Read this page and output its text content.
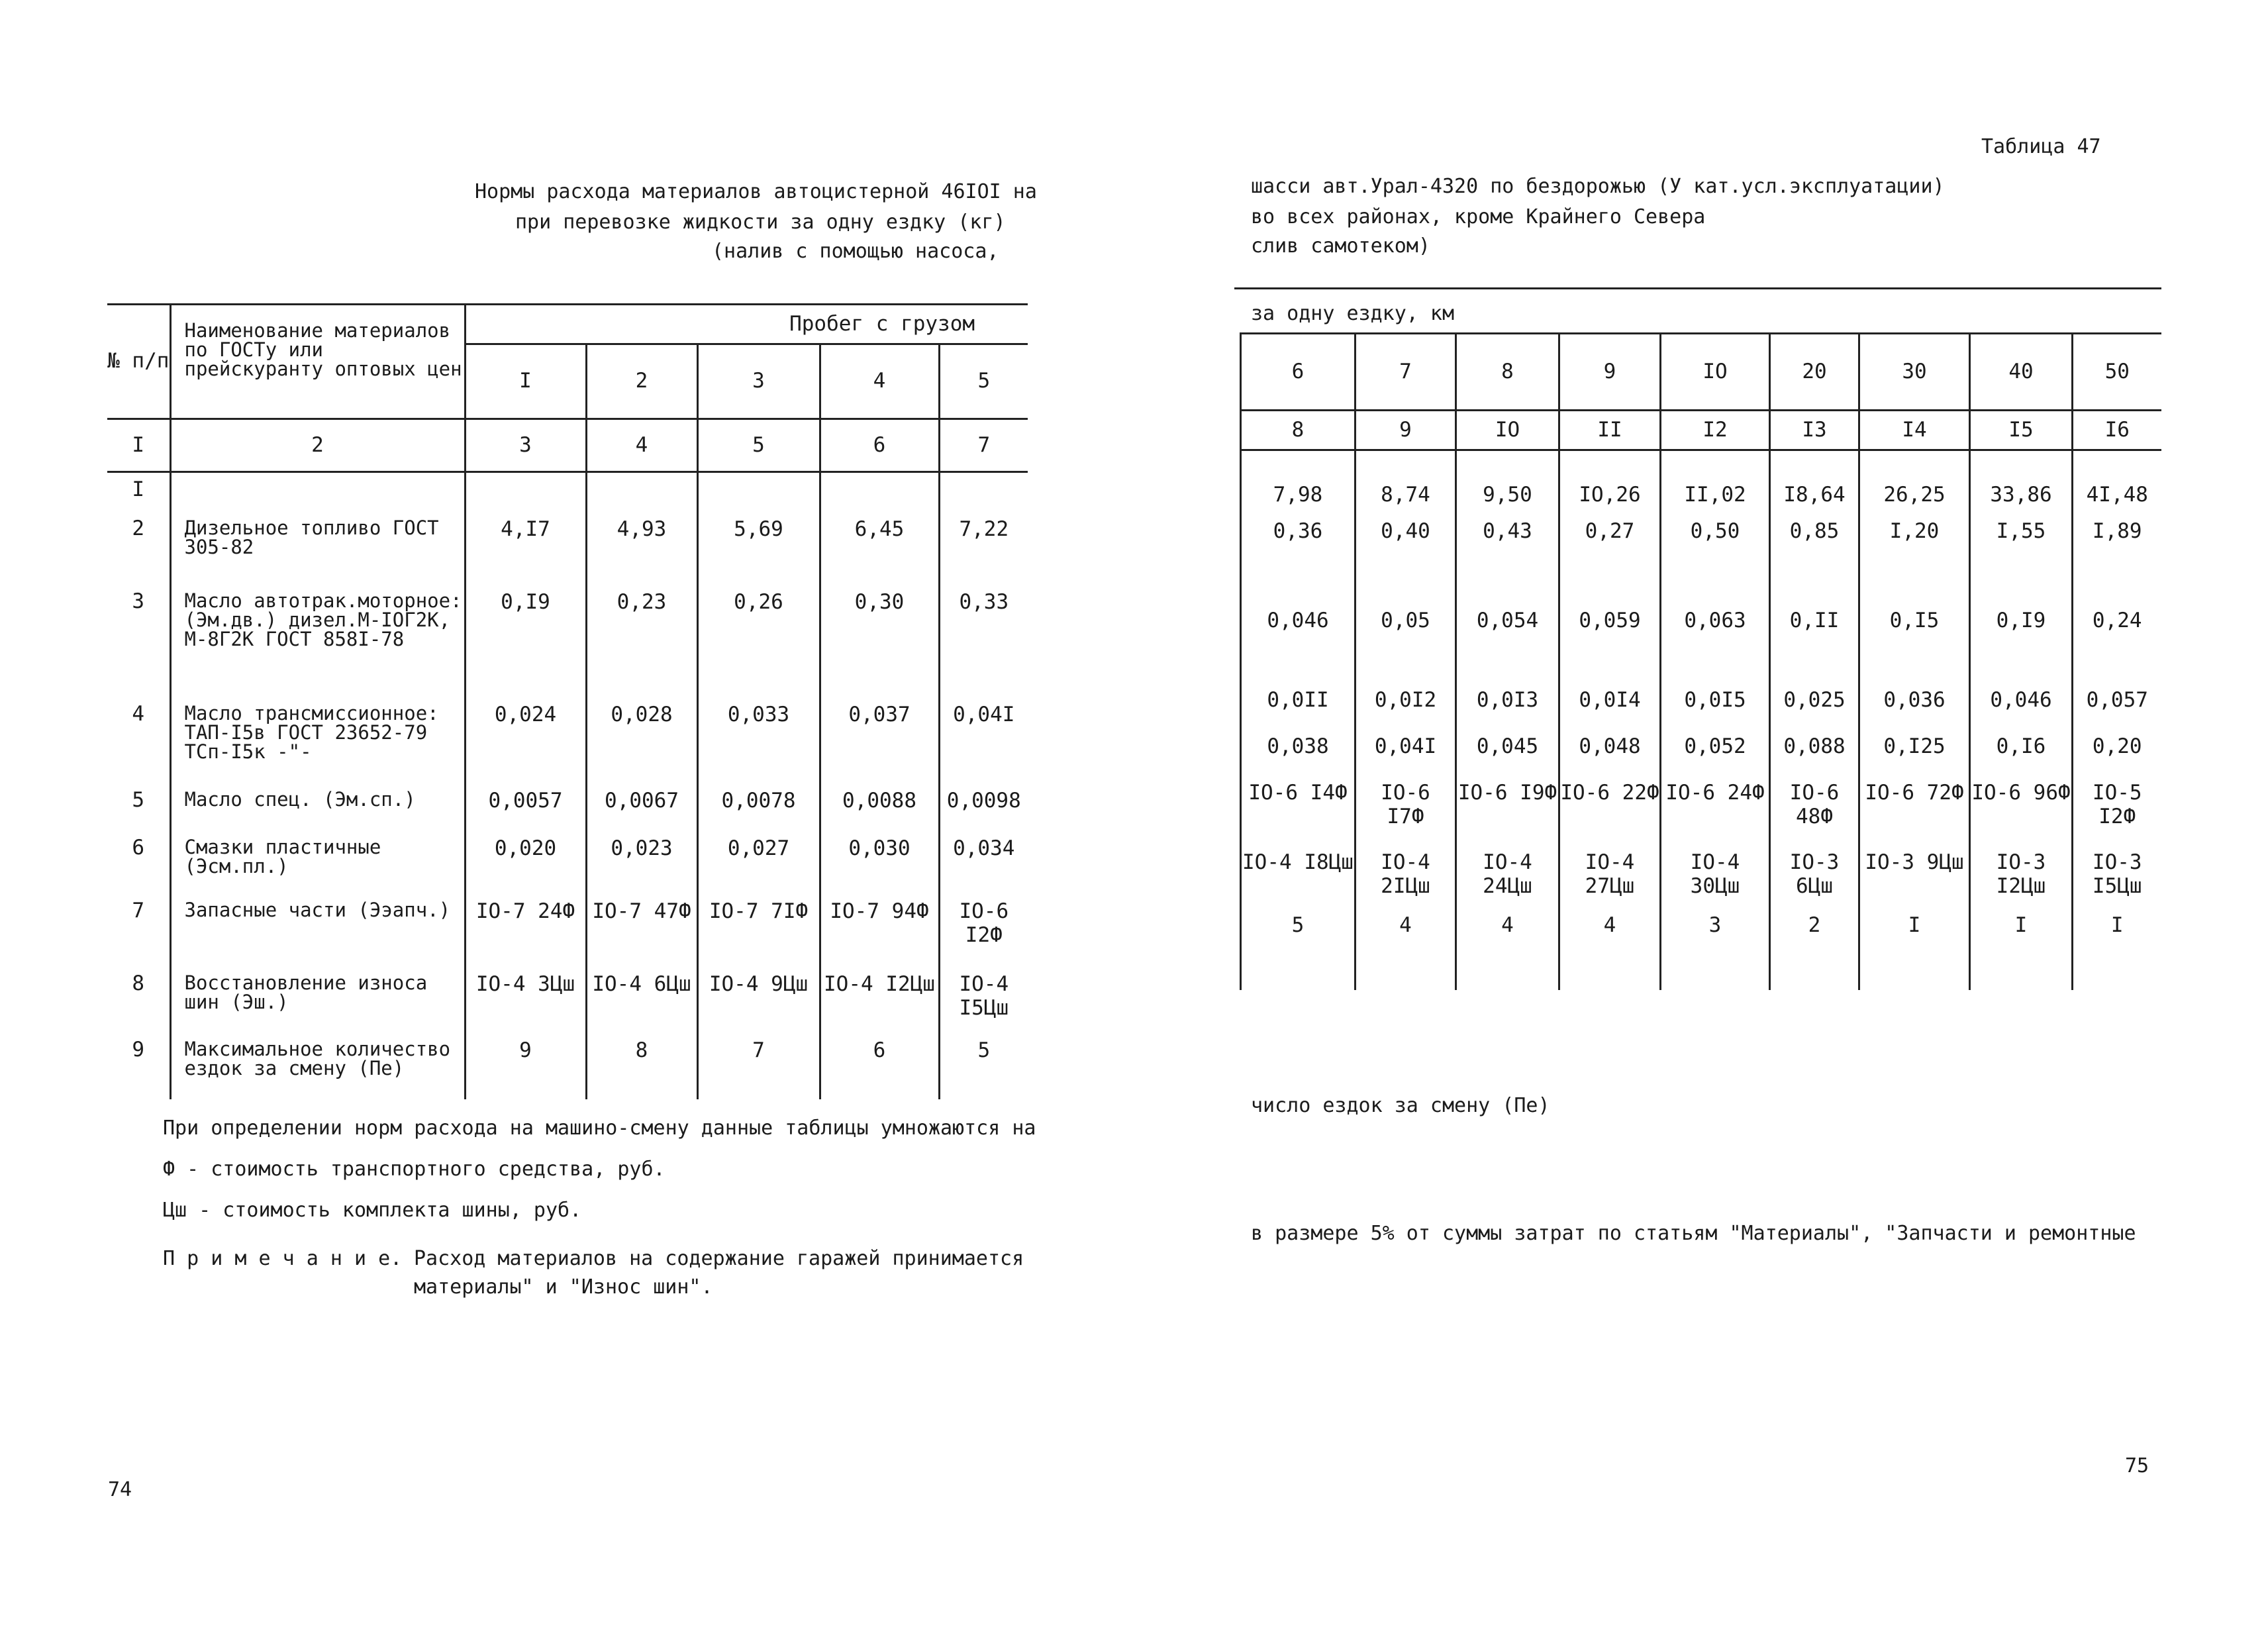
Нормы расхода материалов автоцистерной 46IOI на
при перевозке жидкости за одну ездку (кг)
(налив с помощью насоса,
№ п/п	Наименование материалов по ГОСТу или прейскуранту оптовых цен	Пробег с грузом				
		I	2	3	4	5
I	2	3	4	5	6	7
I						
2	Дизельное топливо ГОСТ 305-82	4,I7	4,93	5,69	6,45	7,22
3	Масло автотрак.моторное: (Эм.дв.) дизел.М-IОГ2К, М-8Г2К ГОСТ 858I-78	0,I9	0,23	0,26	0,30	0,33
4	Масло трансмиссионное: ТАП-I5в ГОСТ 23652-79 ТСп-I5к -"-	0,024	0,028	0,033	0,037	0,04I
5	Масло спец. (Эм.сп.)	0,0057	0,0067	0,0078	0,0088	0,0098
6	Смазки пластичные (Эсм.пл.)	0,020	0,023	0,027	0,030	0,034
7	Запасные части (Ээапч.)	IO-7 24Ф	IO-7 47Ф	IO-7 7IФ	IO-7 94Ф	IO-6 I2Ф
8	Восстановление износа шин (Эш.)	IO-4 3Цш	IO-4 6Цш	IO-4 9Цш	IO-4 I2Цш	IO-4 I5Цш
9	Максимальное количество ездок за смену (Пе)	9	8	7	6	5
При определении норм расхода на машино-смену данные таблицы умножаются на
Ф - стоимость транспортного средства, руб.
Цш - стоимость комплекта шины, руб.
П р и м е ч а н и е. Расход материалов на содержание гаражей принимается
материалы" и "Износ шин".
74
Таблица 47
шасси авт.Урал-4320 по бездорожью (У кат.усл.эксплуатации)
во всех районах, кроме Крайнего Севера
слив самотеком)
за одну ездку, км
6	7	8	9	IO	20	30	40	50
8	9	IO	II	I2	I3	I4	I5	I6
7,98	8,74	9,50	IO,26	II,02	I8,64	26,25	33,86	4I,48
0,36	0,40	0,43	0,27	0,50	0,85	I,20	I,55	I,89
0,046	0,05	0,054	0,059	0,063	0,II	0,I5	0,I9	0,24
0,0II	0,0I2	0,0I3	0,0I4	0,0I5	0,025	0,036	0,046	0,057
0,038	0,04I	0,045	0,048	0,052	0,088	0,I25	0,I6	0,20
IO-6 I4Ф	IO-6 I7Ф	IO-6 I9Ф	IO-6 22Ф	IO-6 24Ф	IO-6 48Ф	IO-6 72Ф	IO-6 96Ф	IO-5 I2Ф
IO-4 I8Цш	IO-4 2IЦш	IO-4 24Цш	IO-4 27Цш	IO-4 30Цш	IO-3 6Цш	IO-3 9Цш	IO-3 I2Цш	IO-3 I5Цш
5	4	4	4	3	2	I	I	I
число ездок за смену (Пе)
в размере 5% от суммы затрат по статьям "Материалы", "Запчасти и ремонтные
75
